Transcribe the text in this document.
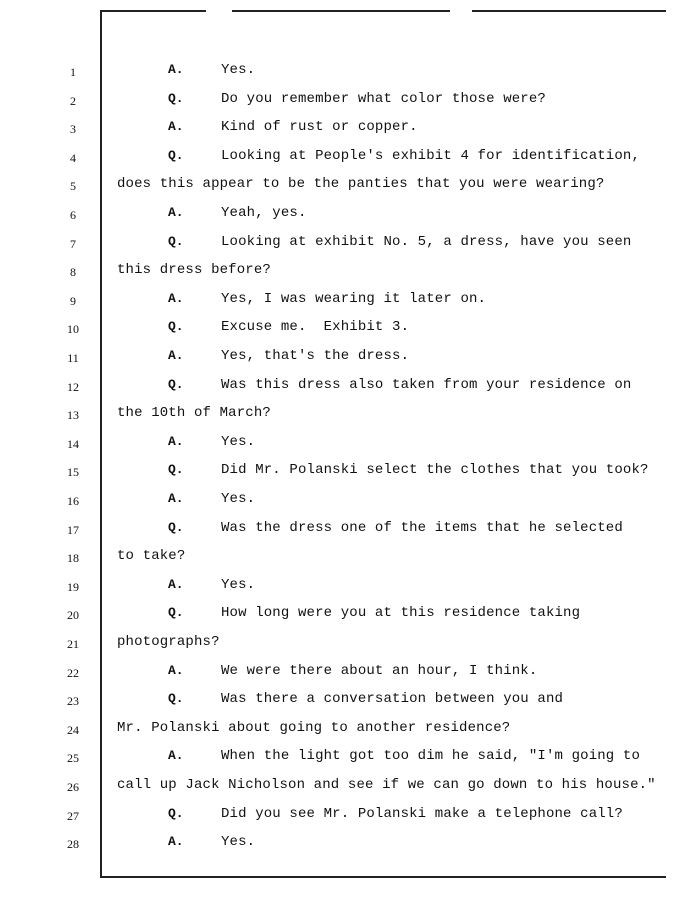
1	A.	Yes.
2	Q.	Do you remember what color those were?
3	A.	Kind of rust or copper.
4	Q.	Looking at People's exhibit 4 for identification,
5	does this appear to be the panties that you were wearing?
6	A.	Yeah, yes.
7	Q.	Looking at exhibit No. 5, a dress, have you seen
8	this dress before?
9	A.	Yes, I was wearing it later on.
10	Q.	Excuse me.  Exhibit 3.
11	A.	Yes, that's the dress.
12	Q.	Was this dress also taken from your residence on
13	the 10th of March?
14	A.	Yes.
15	Q.	Did Mr. Polanski select the clothes that you took?
16	A.	Yes.
17	Q.	Was the dress one of the items that he selected
18	to take?
19	A.	Yes.
20	Q.	How long were you at this residence taking
21	photographs?
22	A.	We were there about an hour, I think.
23	Q.	Was there a conversation between you and
24	Mr. Polanski about going to another residence?
25	A.	When the light got too dim he said, "I'm going to
26	call up Jack Nicholson and see if we can go down to his house."
27	Q.	Did you see Mr. Polanski make a telephone call?
28	A.	Yes.
